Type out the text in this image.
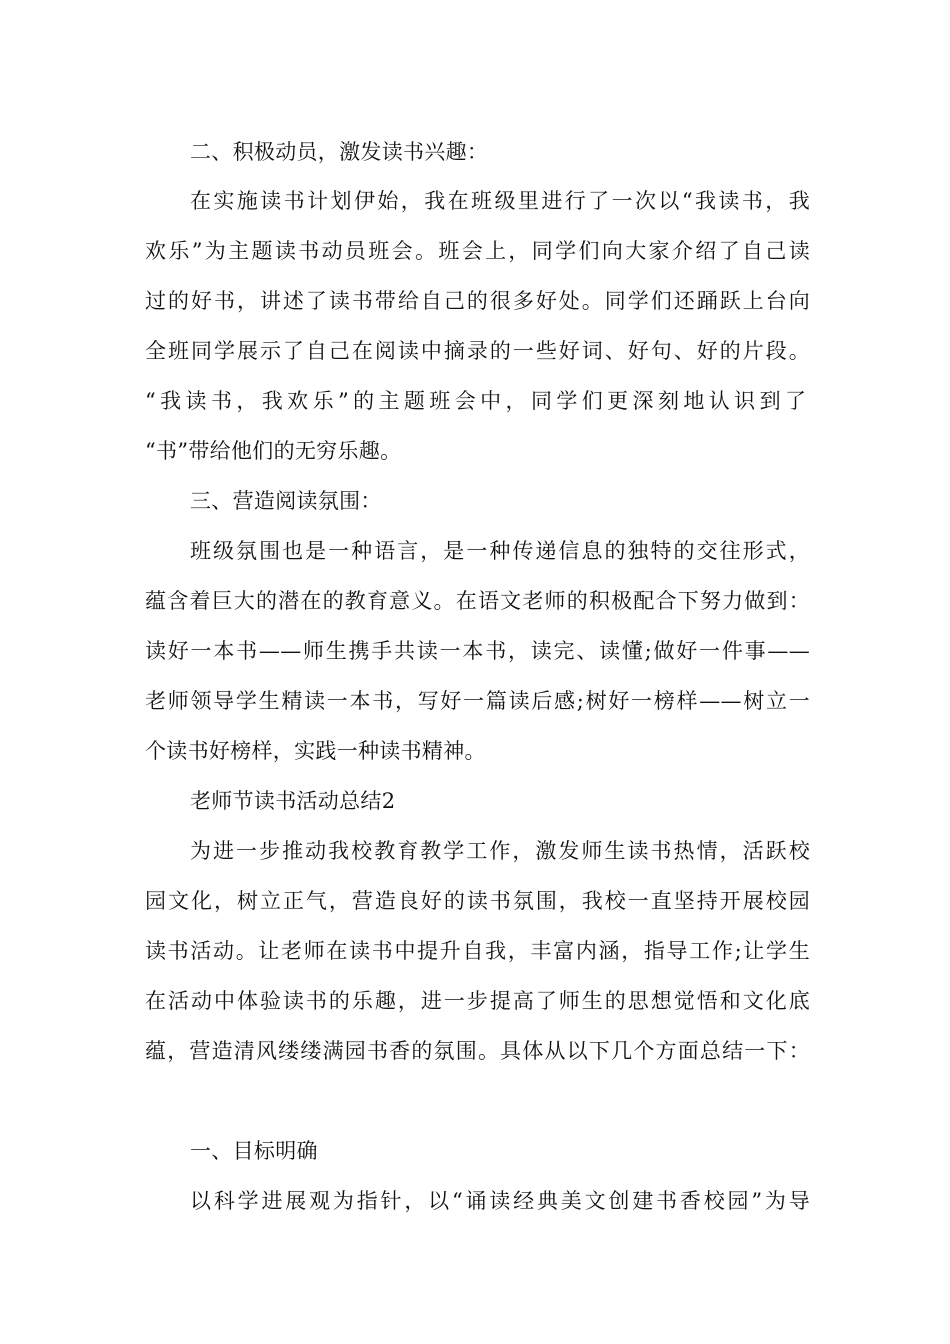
二、积极动员，激发读书兴趣：
在实施读书计划伊始，我在班级里进行了一次以“我读书，我
欢乐”为主题读书动员班会。班会上，同学们向大家介绍了自己读
过的好书，讲述了读书带给自己的很多好处。同学们还踊跃上台向
全班同学展示了自己在阅读中摘录的一些好词、好句、好的片段。
“我读书，我欢乐”的主题班会中，同学们更深刻地认识到了
“书”带给他们的无穷乐趣。
三、营造阅读氛围：
班级氛围也是一种语言，是一种传递信息的独特的交往形式，
蕴含着巨大的潜在的教育意义。在语文老师的积极配合下努力做到：
读好一本书——师生携手共读一本书，读完、读懂;做好一件事——
老师领导学生精读一本书，写好一篇读后感;树好一榜样——树立一
个读书好榜样，实践一种读书精神。
老师节读书活动总结2
为进一步推动我校教育教学工作，激发师生读书热情，活跃校
园文化，树立正气，营造良好的读书氛围，我校一直坚持开展校园
读书活动。让老师在读书中提升自我，丰富内涵，指导工作;让学生
在活动中体验读书的乐趣，进一步提高了师生的思想觉悟和文化底
蕴，营造清风缕缕满园书香的氛围。具体从以下几个方面总结一下：
一、目标明确
以科学进展观为指针，以“诵读经典美文创建书香校园”为导
